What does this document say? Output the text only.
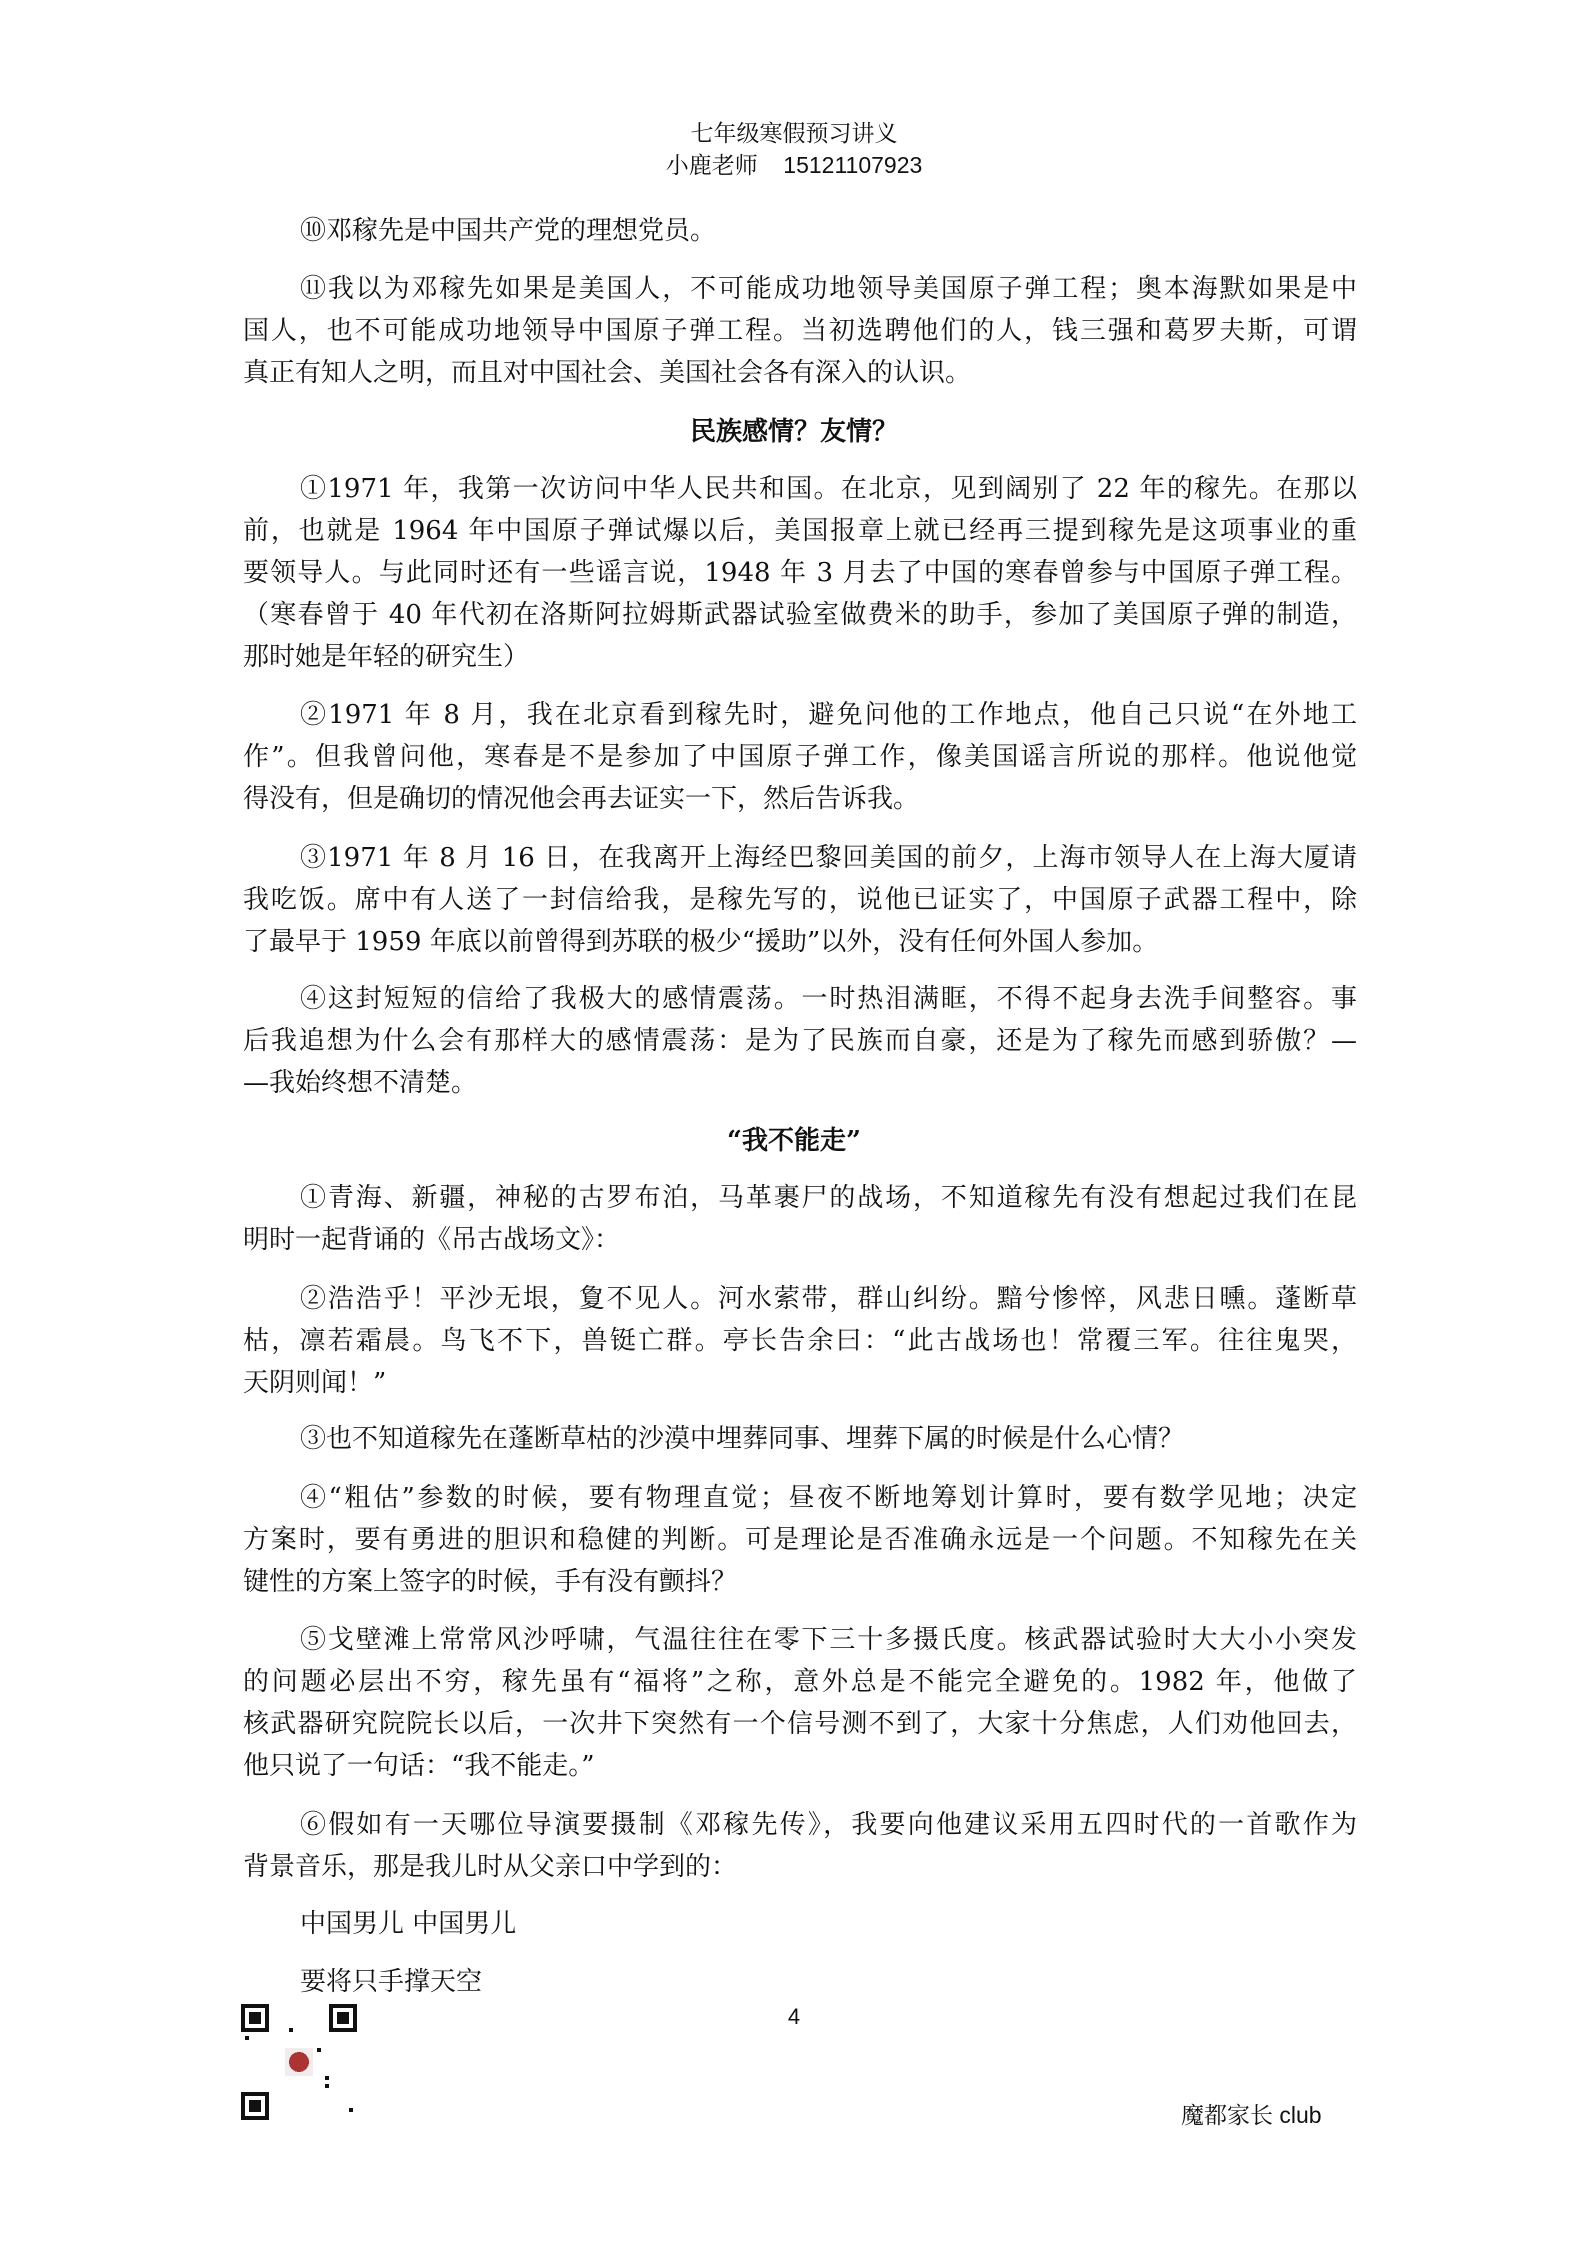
七年级寒假预习讲义
小鹿老师    15121107923
⑩邓稼先是中国共产党的理想党员。
⑪我以为邓稼先如果是美国人，不可能成功地领导美国原子弹工程；奥本海默如果是中
国人，也不可能成功地领导中国原子弹工程。当初选聘他们的人，钱三强和葛罗夫斯，可谓
真正有知人之明，而且对中国社会、美国社会各有深入的认识。
民族感情？友情？
①1971 年，我第一次访问中华人民共和国。在北京，见到阔别了 22 年的稼先。在那以
前，也就是 1964 年中国原子弹试爆以后，美国报章上就已经再三提到稼先是这项事业的重
要领导人。与此同时还有一些谣言说，1948 年 3 月去了中国的寒春曾参与中国原子弹工程。
（寒春曾于 40 年代初在洛斯阿拉姆斯武器试验室做费米的助手，参加了美国原子弹的制造，
那时她是年轻的研究生）
②1971 年 8 月，我在北京看到稼先时，避免问他的工作地点，他自己只说“在外地工
作”。但我曾问他，寒春是不是参加了中国原子弹工作，像美国谣言所说的那样。他说他觉
得没有，但是确切的情况他会再去证实一下，然后告诉我。
③1971 年 8 月 16 日，在我离开上海经巴黎回美国的前夕，上海市领导人在上海大厦请
我吃饭。席中有人送了一封信给我，是稼先写的，说他已证实了，中国原子武器工程中，除
了最早于 1959 年底以前曾得到苏联的极少“援助”以外，没有任何外国人参加。
④这封短短的信给了我极大的感情震荡。一时热泪满眶，不得不起身去洗手间整容。事
后我追想为什么会有那样大的感情震荡：是为了民族而自豪，还是为了稼先而感到骄傲？—
—我始终想不清楚。
“我不能走”
①青海、新疆，神秘的古罗布泊，马革裹尸的战场，不知道稼先有没有想起过我们在昆
明时一起背诵的《吊古战场文》：
②浩浩乎！平沙无垠，夐不见人。河水萦带，群山纠纷。黯兮惨悴，风悲日曛。蓬断草
枯，凛若霜晨。鸟飞不下，兽铤亡群。亭长告余曰：“此古战场也！常覆三军。往往鬼哭，
天阴则闻！”
③也不知道稼先在蓬断草枯的沙漠中埋葬同事、埋葬下属的时候是什么心情？
④“粗估”参数的时候，要有物理直觉；昼夜不断地筹划计算时，要有数学见地；决定
方案时，要有勇进的胆识和稳健的判断。可是理论是否准确永远是一个问题。不知稼先在关
键性的方案上签字的时候，手有没有颤抖？
⑤戈壁滩上常常风沙呼啸，气温往往在零下三十多摄氏度。核武器试验时大大小小突发
的问题必层出不穷，稼先虽有“福将”之称，意外总是不能完全避免的。1982 年，他做了
核武器研究院院长以后，一次井下突然有一个信号测不到了，大家十分焦虑，人们劝他回去，
他只说了一句话：“我不能走。”
⑥假如有一天哪位导演要摄制《邓稼先传》，我要向他建议采用五四时代的一首歌作为
背景音乐，那是我儿时从父亲口中学到的：
中国男儿 中国男儿
要将只手撑天空
4
魔都家长 club
